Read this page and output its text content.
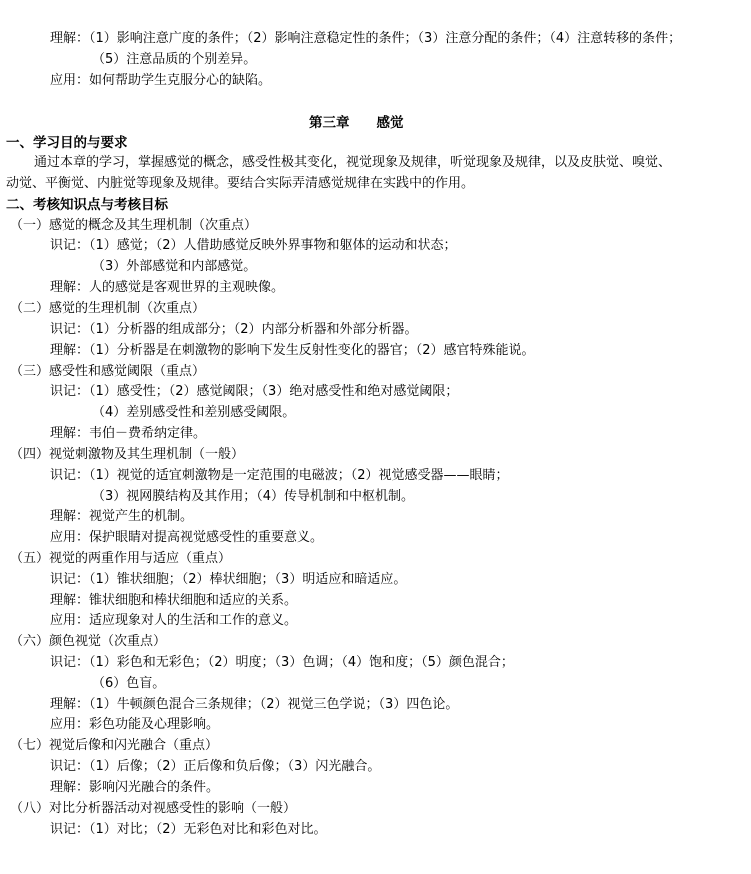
理解：（1）影响注意广度的条件；（2）影响注意稳定性的条件；（3）注意分配的条件；（4）注意转移的条件；
（5）注意品质的个别差异。
应用：如何帮助学生克服分心的缺陷。
第三章　　感觉
一、学习目的与要求
通过本章的学习，掌握感觉的概念，感受性极其变化，视觉现象及规律，听觉现象及规律，以及皮肤觉、嗅觉、
动觉、平衡觉、内脏觉等现象及规律。要结合实际弄清感觉规律在实践中的作用。
二、考核知识点与考核目标
（一）感觉的概念及其生理机制（次重点）
识记：（1）感觉；（2）人借助感觉反映外界事物和躯体的运动和状态；
（3）外部感觉和内部感觉。
理解：人的感觉是客观世界的主观映像。
（二）感觉的生理机制（次重点）
识记：（1）分析器的组成部分；（2）内部分析器和外部分析器。
理解：（1）分析器是在刺激物的影响下发生反射性变化的器官；（2）感官特殊能说。
（三）感受性和感觉阈限（重点）
识记：（1）感受性；（2）感觉阈限；（3）绝对感受性和绝对感觉阈限；
（4）差别感受性和差别感受阈限。
理解：韦伯－费希纳定律。
（四）视觉刺激物及其生理机制（一般）
识记：（1）视觉的适宜刺激物是一定范围的电磁波；（2）视觉感受器——眼睛；
（3）视网膜结构及其作用；（4）传导机制和中枢机制。
理解：视觉产生的机制。
应用：保护眼睛对提高视觉感受性的重要意义。
（五）视觉的两重作用与适应（重点）
识记：（1）锥状细胞；（2）棒状细胞；（3）明适应和暗适应。
理解：锥状细胞和棒状细胞和适应的关系。
应用：适应现象对人的生活和工作的意义。
（六）颜色视觉（次重点）
识记：（1）彩色和无彩色；（2）明度；（3）色调；（4）饱和度；（5）颜色混合；
（6）色盲。
理解：（1）牛顿颜色混合三条规律；（2）视觉三色学说；（3）四色论。
应用：彩色功能及心理影响。
（七）视觉后像和闪光融合（重点）
识记：（1）后像；（2）正后像和负后像；（3）闪光融合。
理解：影响闪光融合的条件。
（八）对比分析器活动对视感受性的影响（一般）
识记：（1）对比；（2）无彩色对比和彩色对比。
